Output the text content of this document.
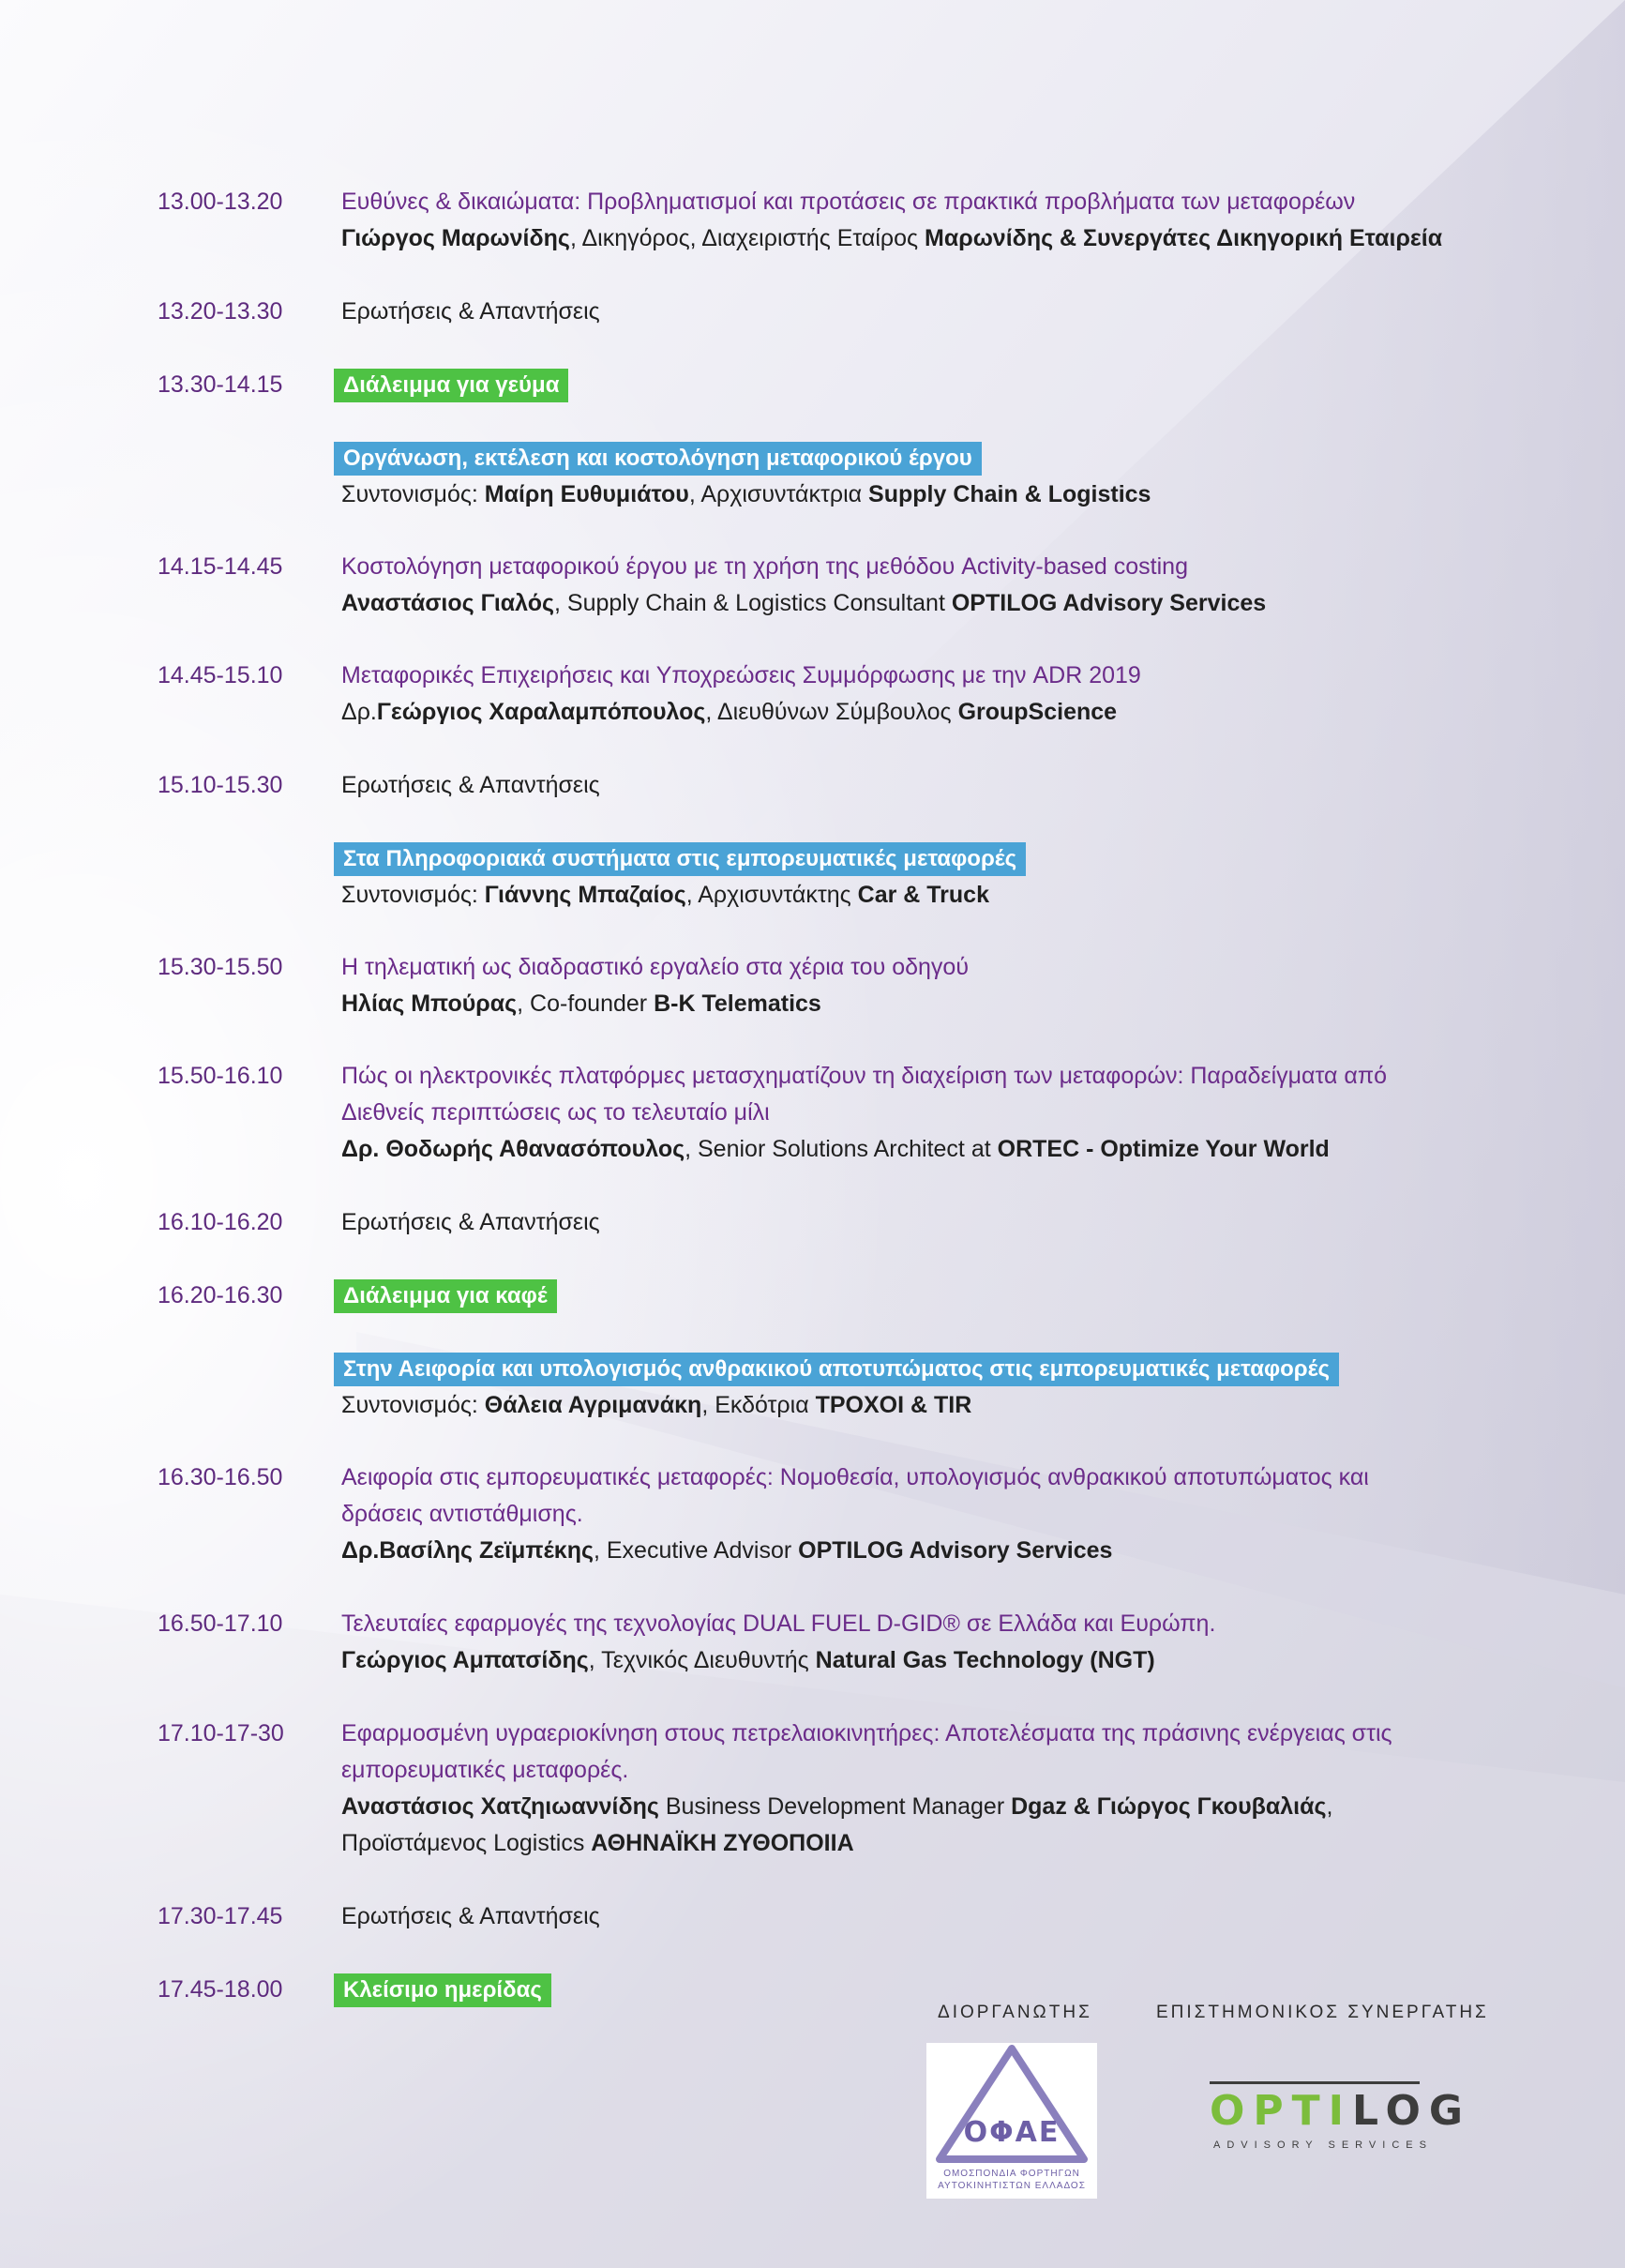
13.00-13.20	Ευθύνες & δικαιώματα: Προβληματισμοί και προτάσεις σε πρακτικά προβλήματα των μεταφορέων
Γιώργος Μαρωνίδης, Δικηγόρος, Διαχειριστής Εταίρος Μαρωνίδης & Συνεργάτες Δικηγορική Εταιρεία
13.20-13.30	Ερωτήσεις & Απαντήσεις
13.30-14.15	Διάλειμμα για γεύμα
Οργάνωση, εκτέλεση και κοστολόγηση μεταφορικού έργου
Συντονισμός: Μαίρη Ευθυμιάτου, Αρχισυντάκτρια Supply Chain & Logistics
14.15-14.45	Κοστολόγηση μεταφορικού έργου με τη χρήση της μεθόδου Activity-based costing
Αναστάσιος Γιαλός, Supply Chain & Logistics Consultant OPTILOG Advisory Services
14.45-15.10	Μεταφορικές Επιχειρήσεις και Υποχρεώσεις Συμμόρφωσης με την ADR 2019
Δρ.Γεώργιος Χαραλαμπόπουλος, Διευθύνων Σύμβουλος GroupScience
15.10-15.30	Ερωτήσεις & Απαντήσεις
Στα Πληροφοριακά συστήματα στις εμπορευματικές μεταφορές
Συντονισμός: Γιάννης Μπαζαίος, Αρχισυντάκτης Car & Truck
15.30-15.50	Η τηλεματική ως διαδραστικό εργαλείο στα χέρια του οδηγού
Ηλίας Μπούρας, Co-founder B-K Telematics
15.50-16.10	Πώς οι ηλεκτρονικές πλατφόρμες μετασχηματίζουν τη διαχείριση των μεταφορών: Παραδείγματα από
Διεθνείς περιπτώσεις ως το τελευταίο μίλι
Δρ. Θοδωρής Αθανασόπουλος, Senior Solutions Architect at ORTEC - Optimize Your World
16.10-16.20	Ερωτήσεις & Απαντήσεις
16.20-16.30	Διάλειμμα για καφέ
Στην Αειφορία και υπολογισμός ανθρακικού αποτυπώματος στις εμπορευματικές μεταφορές
Συντονισμός: Θάλεια Αγριμανάκη, Εκδότρια ΤΡΟΧΟΙ & TIR
16.30-16.50	Αειφορία στις εμπορευματικές μεταφορές: Νομοθεσία, υπολογισμός ανθρακικού αποτυπώματος και
δράσεις αντιστάθμισης.
Δρ.Βασίλης Ζεϊμπέκης, Executive Advisor OPTILOG Advisory Services
16.50-17.10	Τελευταίες εφαρμογές της τεχνολογίας DUAL FUEL D-GID® σε Ελλάδα και Ευρώπη.
Γεώργιος Αμπατσίδης, Τεχνικός Διευθυντής Natural Gas Technology (NGT)
17.10-17-30 Εφαρμοσμένη υγραεριοκίνηση στους πετρελαιοκινητήρες: Αποτελέσματα της πράσινης ενέργειας στις
εμπορευματικές μεταφορές.
Αναστάσιος Χατζηιωαννίδης Business Development Manager Dgaz & Γιώργος Γκουβαλιάς,
Προϊστάμενος Logistics ΑΘΗΝΑΪΚΗ ΖΥΘΟΠΟΙΙΑ
17.30-17.45	Ερωτήσεις & Απαντήσεις
17.45-18.00	Κλείσιμο ημερίδας
ΔΙΟΡΓΑΝΩΤΗΣ	ΕΠΙΣΤΗΜΟΝΙΚΟΣ ΣΥΝΕΡΓΑΤΗΣ
ΟΦΑΕ
ΟΜΟΣΠΟΝΔΙΑ ΦΟΡΤΗΓΩΝ
ΑΥΤΟΚΙΝΗΤΙΣΤΩΝ ΕΛΛΑΔΟΣ
OPTILOG
ADVISORY SERVICES
